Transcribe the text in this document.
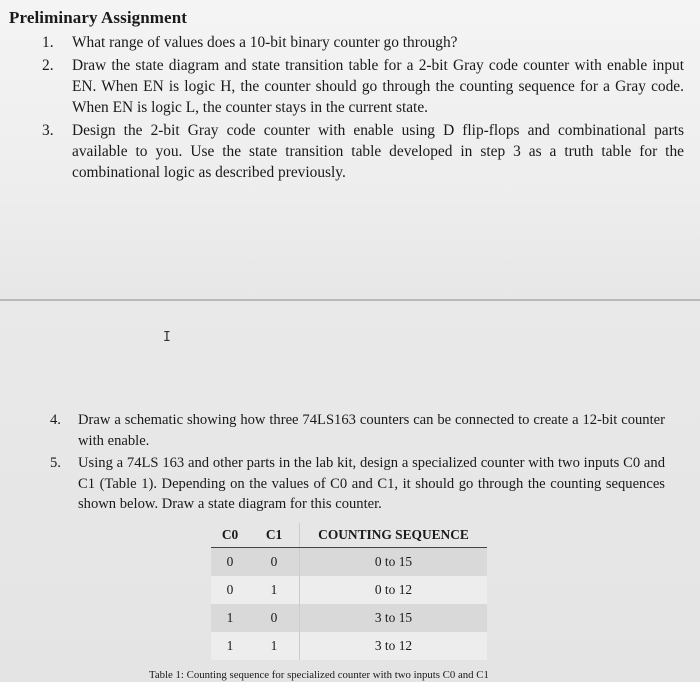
Preliminary Assignment
1. What range of values does a 10-bit binary counter go through?
2. Draw the state diagram and state transition table for a 2-bit Gray code counter with enable input EN. When EN is logic H, the counter should go through the counting sequence for a Gray code. When EN is logic L, the counter stays in the current state.
3. Design the 2-bit Gray code counter with enable using D flip-flops and combinational parts available to you. Use the state transition table developed in step 3 as a truth table for the combinational logic as described previously.
I
4. Draw a schematic showing how three 74LS163 counters can be connected to create a 12-bit counter with enable.
5. Using a 74LS 163 and other parts in the lab kit, design a specialized counter with two inputs C0 and C1 (Table 1). Depending on the values of C0 and C1, it should go through the counting sequences shown below. Draw a state diagram for this counter.
C0	C1	COUNTING SEQUENCE
0	0	0 to 15
0	1	0 to 12
1	0	3 to 15
1	1	3 to 12
Table 1: Counting sequence for specialized counter with two inputs C0 and C1
